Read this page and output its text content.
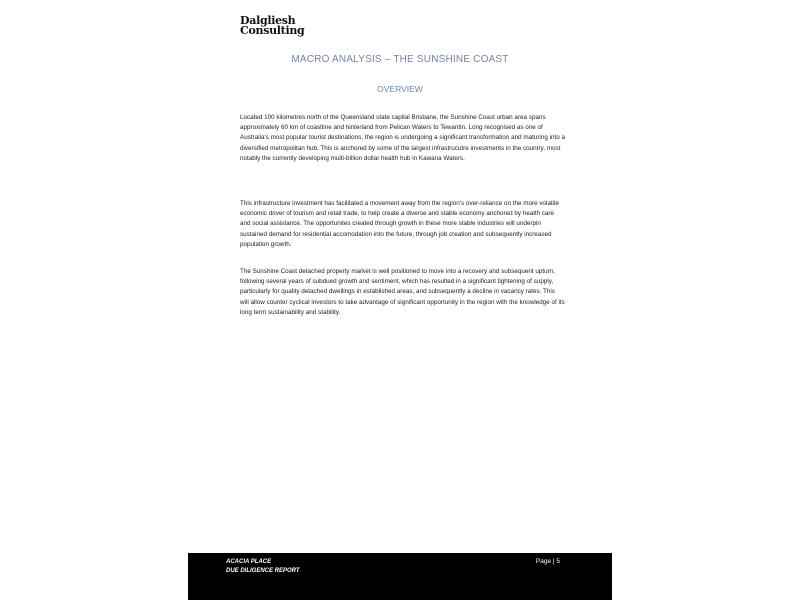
Dalgliesh
Consulting
MACRO ANALYSIS – THE SUNSHINE COAST
OVERVIEW

Located 100 kilometres north of the Queensland state capital Brisbane, the Sunshine Coast urban area spans approximately 60 km of coastline and hinterland from Pelican Waters to Tewantin. Long recognised as one of Australia's most popular tourist destinations, the region is undergoing a significant transformation and maturing into a diversified metropolitan hub. This is anchored by some of the largest infrastrucutre investments in the country, most notably the currently developing multi-billion dollar health hub in Kawana Waters.

This infrastructure investment has facilitated a movement away from the region's over-reliance on the more volatile economic driver of tourism and retail trade, to help create a diverse and stable economy anchored by health care and social assistance. The opportunites created through growth in these more stable industries will underpin sustained demand for residential accomodation into the future, through job creation and subsequently increased population growth.

The Sunshine Coast detached property market is well positioned to move into a recovery and subsequent upturn, following several years of subdued growth and sentiment, which has resulted in a significant tightening of supply, particularly for quality detached dwellings in established areas, and subsequently a decline in vacancy rates. This will allow counter cyclical investors to take advantage of significant opportunity in the region with the knowledge of its long term sustainability and stability.

ACACIA PLACE
DUE DILIGENCE REPORT
Page | 5
